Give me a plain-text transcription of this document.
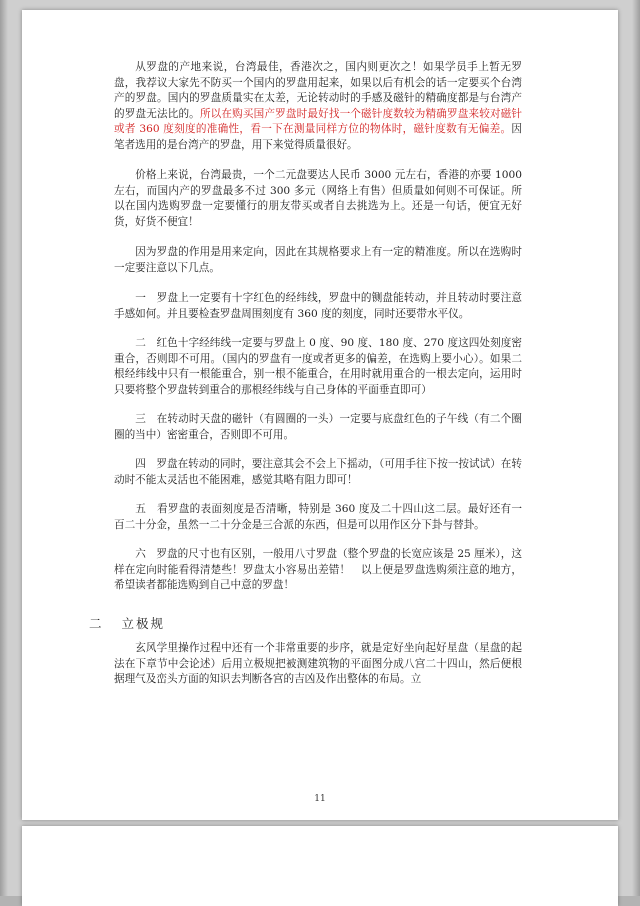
从罗盘的产地来说，台湾最佳，香港次之，国内则更次之！如果学员手上暂无罗盘，我荐议大家先不防买一个国内的罗盘用起来，如果以后有机会的话一定要买个台湾产的罗盘。国内的罗盘质量实在太差，无论转动时的手感及磁针的精确度都是与台湾产的罗盘无法比的。所以在购买国产罗盘时最好找一个磁针度数较为精确罗盘来较对磁针或者 360 度刻度的准确性，看一下在测量同样方位的物体时，磁针度数有无偏差。因笔者选用的是台湾产的罗盘，用下来觉得质量很好。

价格上来说，台湾最贵，一个二元盘要达人民币 3000 元左右，香港的亦要 1000 左右，而国内产的罗盘最多不过 300 多元（网络上有售）但质量如何则不可保证。所以在国内选购罗盘一定要懂行的朋友带买或者自去挑选为上。还是一句话，便宜无好货，好货不便宜！

因为罗盘的作用是用来定向，因此在其规格要求上有一定的精准度。所以在选购时一定要注意以下几点。

一　罗盘上一定要有十字红色的经纬线，罗盘中的铡盘能转动，并且转动时要注意手感如何。并且要检查罗盘周围刻度有 360 度的刻度，同时还要带水平仪。

二　红色十字经纬线一定要与罗盘上 0 度、90 度、180 度、270 度这四处刻度密重合，否则即不可用。（国内的罗盘有一度或者更多的偏差，在选购上要小心）。如果二根经纬线中只有一根能重合，别一根不能重合，在用时就用重合的一根去定向，运用时只要将整个罗盘转到重合的那根经纬线与自己身体的平面垂直即可）

三　在转动时天盘的磁针（有圆圈的一头）一定要与底盘红色的子午线（有二个圈圈的当中）密密重合，否则即不可用。

四　罗盘在转动的同时，要注意其会不会上下摇动，（可用手往下按一按试试）在转动时不能太灵活也不能困难，感觉其略有阻力即可！

五　看罗盘的表面刻度是否清晰，特别是 360 度及二十四山这二层。最好还有一百二十分金，虽然一二十分金是三合派的东西，但是可以用作区分下卦与替卦。

六　罗盘的尺寸也有区别，一般用八寸罗盘（整个罗盘的长宽应该是 25 厘米），这样在定向时能看得清楚些！罗盘太小容易出差错！　以上便是罗盘选购须注意的地方，希望读者都能选购到自己中意的罗盘！

二 立极规

玄风学里操作过程中还有一个非常重要的步序，就是定好坐向起好星盘（星盘的起法在下章节中会论述）后用立极规把被测建筑物的平面图分成八宫二十四山，然后便根据理气及峦头方面的知识去判断各宫的吉凶及作出整体的布局。立

11
